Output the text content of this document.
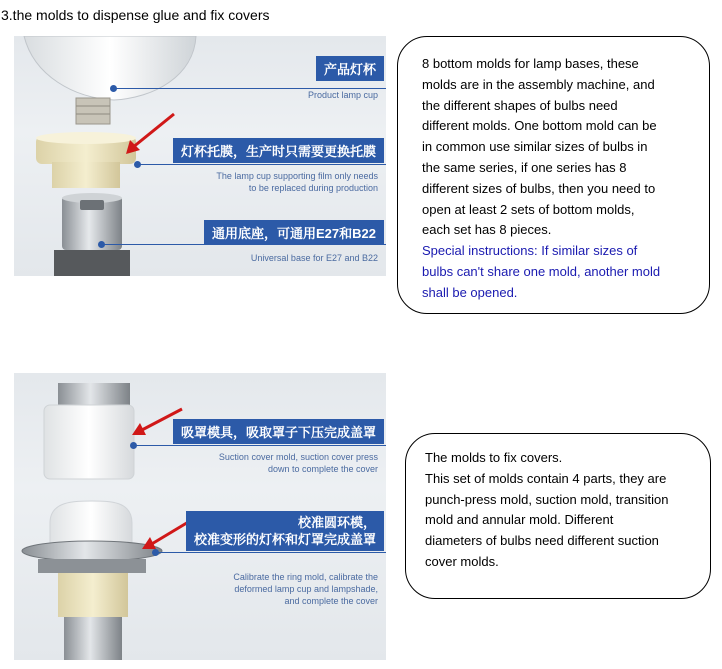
3.the molds to dispense glue and fix covers
产品灯杯
Product lamp cup
灯杯托膜，生产时只需要更换托膜
The lamp cup supporting film only needs
to be replaced during production
通用底座，可通用E27和B22
Universal base for E27 and B22
8 bottom molds for lamp bases, these
molds are in the assembly machine, and
the different shapes of bulbs need
different molds. One bottom mold can be
in common use similar sizes of bulbs in
the same series, if one series has 8
different sizes of bulbs, then you need to
open at least 2 sets of bottom molds,
each set has 8 pieces.
Special instructions: If similar sizes of
bulbs can't share one mold, another mold
shall be opened.
吸罩模具，吸取罩子下压完成盖罩
Suction cover mold, suction cover press
down to complete the cover
校准圆环模，
校准变形的灯杯和灯罩完成盖罩
Calibrate the ring mold, calibrate the
deformed lamp cup and lampshade,
and complete the cover
The molds to fix covers.
This set of molds contain 4 parts, they are
punch-press mold, suction mold, transition
mold and annular mold. Different
diameters of bulbs need different suction
cover molds.
